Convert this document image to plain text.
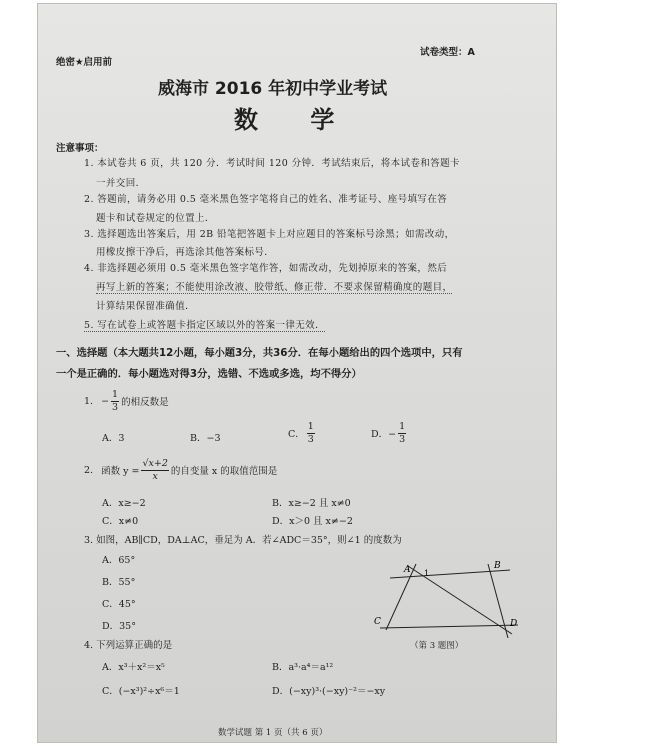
绝密★启用前
试卷类型：A
威海市 2016 年初中学业考试
数 学
注意事项：
1. 本试卷共 6 页，共 120 分．考试时间 120 分钟．考试结束后，将本试卷和答题卡
一并交回．
2. 答题前，请务必用 0.5 毫米黑色签字笔将自己的姓名、准考证号、座号填写在答
题卡和试卷规定的位置上．
3. 选择题选出答案后，用 2B 铅笔把答题卡上对应题目的答案标号涂黑；如需改动，
用橡皮擦干净后，再选涂其他答案标号．
4. 非选择题必须用 0.5 毫米黑色签字笔作答，如需改动，先划掉原来的答案，然后
再写上新的答案；不能使用涂改液、胶带纸、修正带．不要求保留精确度的题目，
计算结果保留准确值．
5. 写在试卷上或答题卡指定区域以外的答案一律无效．
一、选择题（本大题共12小题，每小题3分，共36分．在每小题给出的四个选项中，只有
一个是正确的．每小题选对得3分，选错、不选或多选，均不得分）
1. − $\frac{1}{3}$ 的相反数是
A．3	B．−3	C． $\frac{1}{3}$	D．− $\frac{1}{3}$
2. 函数 $y = \frac{√x+2}{x}$ 的自变量 x 的取值范围是
A．x≥−2	B．x≥−2 且 x≠0
C．x≠0	D．x＞0 且 x≠−2
3. 如图，AB∥CD，DA⊥AC，垂足为 A．若∠ADC＝35°，则∠1 的度数为
A．65°
B．55°
C．45°
D．35°
A 1
B
C	D
（第 3 题图）
4. 下列运算正确的是
A．x³＋x²＝x⁵	B．a³·a⁴＝a¹²
C．(−x³)²÷x⁶＝1	D．(−xy)³·(−xy)⁻²＝−xy
数学试题 第 1 页（共 6 页）
